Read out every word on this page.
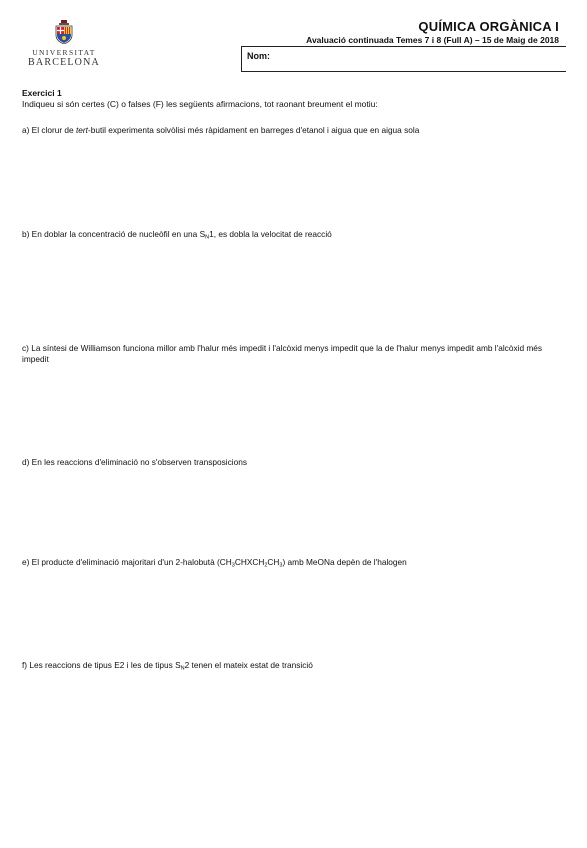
UNIVERSITAT
BARCELONA
QUÍMICA ORGÀNICA I
Avaluació continuada Temes 7 i 8 (Full A) – 15 de Maig de 2018
Nom:
Exercici 1
Indiqueu si són certes (C) o falses (F) les següents afirmacions, tot raonant breument el motiu:
a) El clorur de tert-butil experimenta solvòlisi més ràpidament en barreges d'etanol i aigua que en aigua sola
b) En doblar la concentració de nucleòfil en una $S_N1$, es dobla la velocitat de reacció
c) La síntesi de Williamson funciona millor amb l'halur més impedit i l'alcòxid menys impedit que la de l'halur menys impedit amb l'alcòxid més impedit
d) En les reaccions d'eliminació no s'observen transposicions
e) El producte d'eliminació majoritari d'un 2-halobutà $(CH_3CHXCH_2CH_3)$ amb MeONa depèn de l'halogen
f) Les reaccions de tipus E2 i les de tipus $S_N2$ tenen el mateix estat de transició
